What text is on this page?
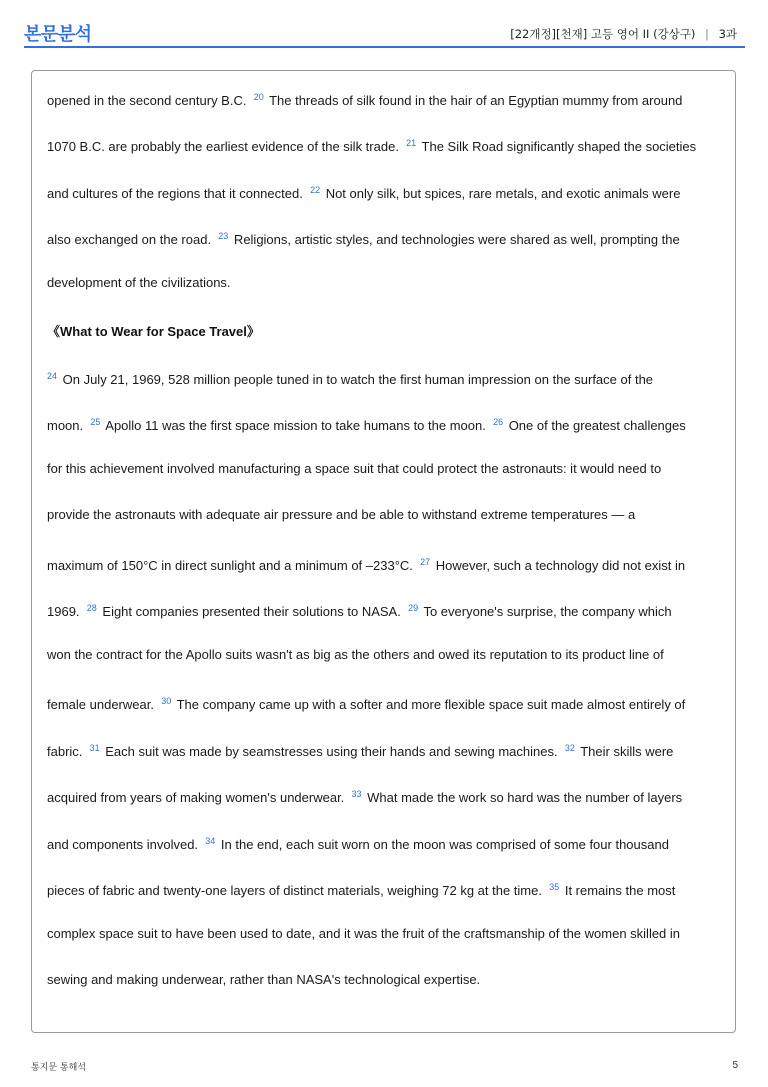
본문분석	[22개정][천재] 고등 영어 II (강상구) | 3과
opened in the second century B.C.  $^{20}$ The threads of silk found in the hair of an Egyptian mummy from around
1070 B.C. are probably the earliest evidence of the silk trade.  $^{21}$ The Silk Road significantly shaped the societies
and cultures of the regions that it connected.  $^{22}$ Not only silk, but spices, rare metals, and exotic animals were
also exchanged on the road.  $^{23}$ Religions, artistic styles, and technologies were shared as well, prompting the
development of the civilizations.
$^{24}$ On July 21, 1969, 528 million people tuned in to watch the first human impression on the surface of the
moon.  $^{25}$ Apollo 11 was the first space mission to take humans to the moon.  $^{26}$ One of the greatest challenges
for this achievement involved manufacturing a space suit that could protect the astronauts: it would need to
provide the astronauts with adequate air pressure and be able to withstand extreme temperatures — a
maximum of 150°C in direct sunlight and a minimum of –233°C.  $^{27}$ However, such a technology did not exist in
1969.  $^{28}$ Eight companies presented their solutions to NASA.  $^{29}$ To everyone's surprise, the company which
won the contract for the Apollo suits wasn't as big as the others and owed its reputation to its product line of
female underwear.  $^{30}$ The company came up with a softer and more flexible space suit made almost entirely of
fabric.  $^{31}$ Each suit was made by seamstresses using their hands and sewing machines.  $^{32}$ Their skills were
acquired from years of making women's underwear.  $^{33}$ What made the work so hard was the number of layers
and components involved.  $^{34}$ In the end, each suit worn on the moon was comprised of some four thousand
pieces of fabric and twenty-one layers of distinct materials, weighing 72 kg at the time.  $^{35}$ It remains the most
complex space suit to have been used to date, and it was the fruit of the craftsmanship of the women skilled in
sewing and making underwear, rather than NASA's technological expertise.
《What to Wear for Space Travel》
통지문 통해석	5
